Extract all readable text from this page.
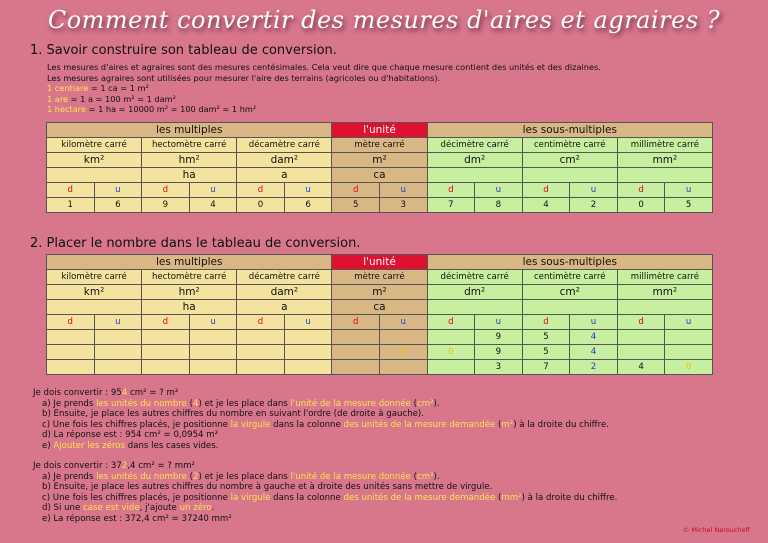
Comment convertir des mesures d'aires et agraires ?
1. Savoir construire son tableau de conversion.
Les mesures d'aires et agraires sont des mesures centésimales. Cela veut dire que chaque mesure contient des unités et des dizaines.
Les mesures agraires sont utilisées pour mesurer l'aire des terrains (agricoles ou d'habitations).
1 centiare = 1 ca = 1 m²
1 are = 1 a = 100 m² = 1 dam²
1 hectare = 1 ha = 10000 m² = 100 dam² = 1 hm²
les multiples						l'unité		les sous-multiples					
kilomètre carré		hectomètre carré		décamètre carré		mètre carré		décimètre carré		centimètre carré		millimètre carré	
km²		hm²		dam²		m²		dm²		cm²		mm²	
		ha		a		ca							
d	u	d	u	d	u	d	u	d	u	d	u	d	u
1	6	9	4	0	6	5	3	7	8	4	2	0	5
2. Placer le nombre dans le tableau de conversion.
les multiples						l'unité		les sous-multiples					
kilomètre carré		hectomètre carré		décamètre carré		mètre carré		décimètre carré		centimètre carré		millimètre carré	
km²		hm²		dam²		m²		dm²		cm²		mm²	
		ha		a		ca							
d	u	d	u	d	u	d	u	d	u	d	u	d	u
									9	5	4		
							0 ,	0	9	5	4		
									3	7	2	4	0 ,
Je dois convertir : 954 cm² = ? m²
a) Je prends les unités du nombre (4) et je les place dans l'unité de la mesure donnée (cm²).
b) Ensuite, je place les autres chiffres du nombre en suivant l'ordre (de droite à gauche).
c) Une fois les chiffres placés, je positionne la virgule dans la colonne des unités de la mesure demandée (m²) à la droite du chiffre.
d) La réponse est : 954 cm² = 0,0954 m²
e) Ajouter les zéros dans les cases vides.
Je dois convertir : 372,4 cm² = ? mm²
a) Je prends les unités du nombre (2) et je les place dans l'unité de la mesure donnée (cm²).
b) Ensuite, je place les autres chiffres du nombre à gauche et à droite des unités sans mettre de virgule.
c) Une fois les chiffres placés, je positionne la virgule dans la colonne des unités de la mesure demandée (mm²) à la droite du chiffre.
d) Si une case est vide, j'ajoute un zéro.
e) La réponse est : 372,4 cm² = 37240 mm²
© Michel Neroucheff
